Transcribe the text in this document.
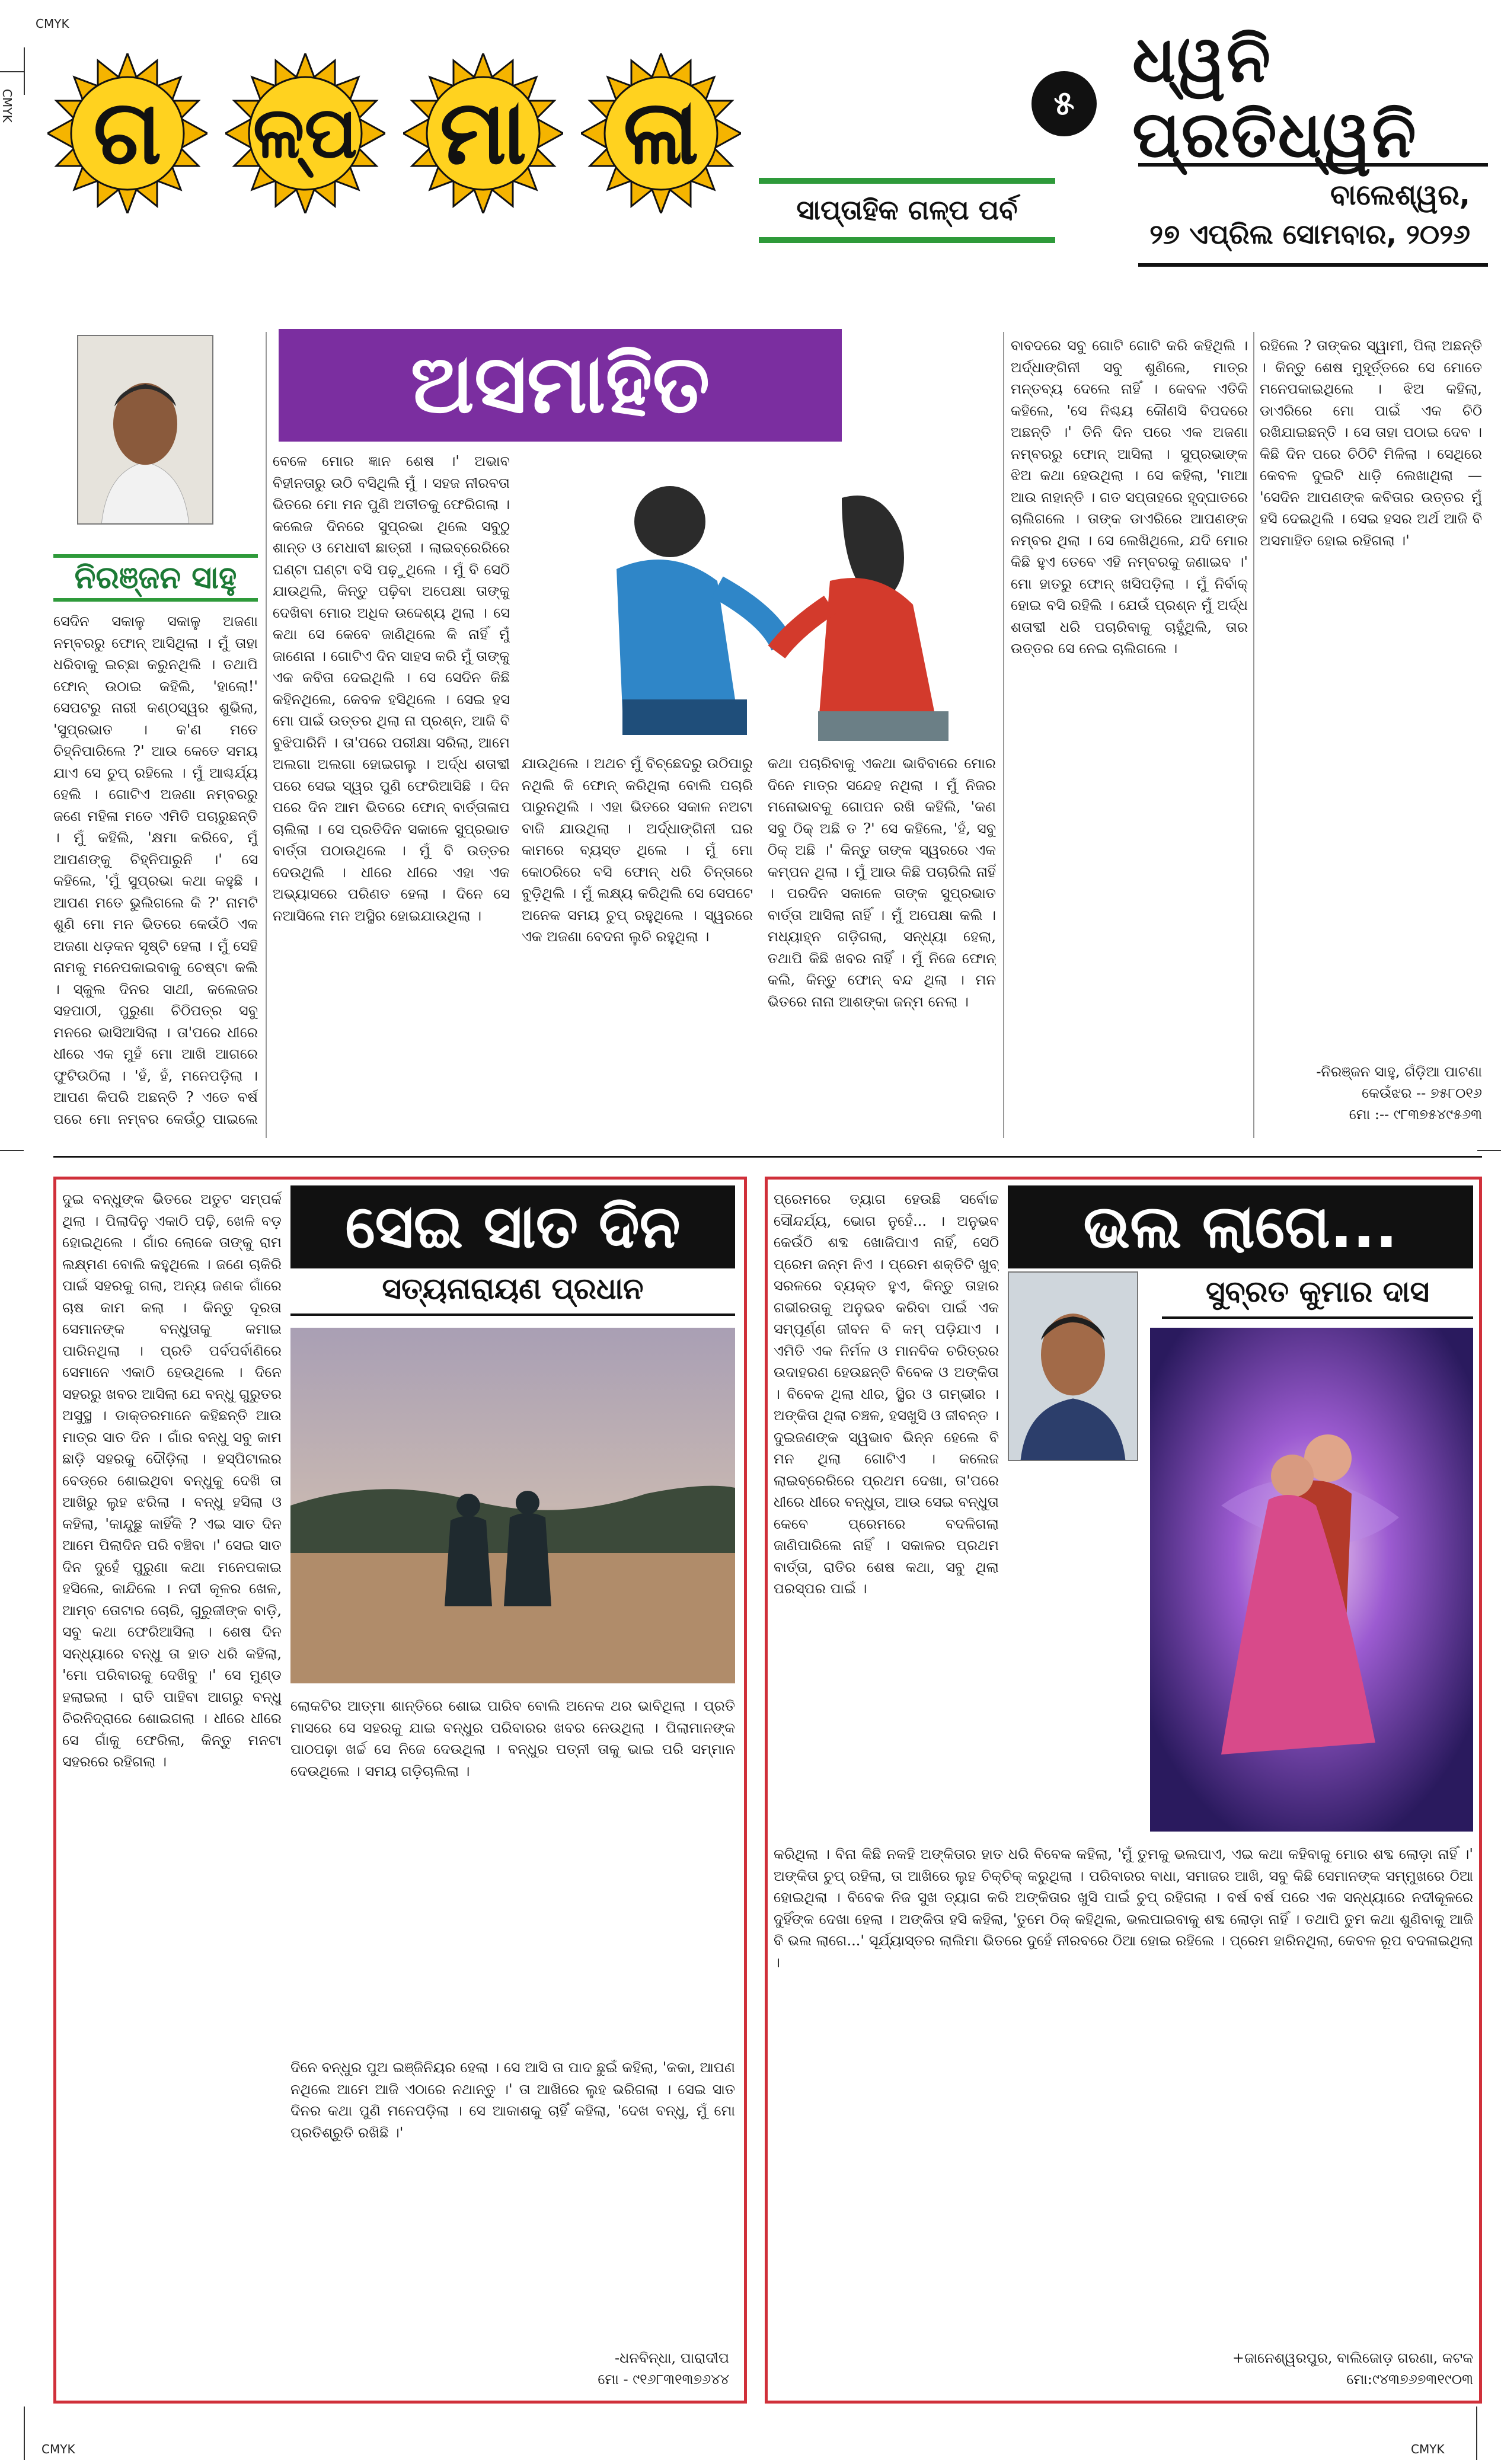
CMYK
CMYK
CMYK	CMYK
ଗ	ଳ୍ପ ମା	ଳା
ସାପ୍ତାହିକ ଗଳ୍ପ ପର୍ବ
୫
ଧ୍ୱନି ପ୍ରତିଧ୍ୱନି
ବାଲେଶ୍ୱର,
୨୭ ଏପ୍ରିଲ ସୋମବାର, ୨୦୨୬
ନିରଞ୍ଜନ ସାହୁ
ଅସମାହିତ
ସେଦିନ ସକାଳୁ ସକାଳୁ ଅଜଣା ନମ୍ବରରୁ ଫୋନ୍ ଆସିଥିଲା । ମୁଁ ତାହା ଧରିବାକୁ ଇଚ୍ଛା କରୁନଥିଲି । ତଥାପି ଫୋନ୍ ଉଠାଇ କହିଲି, 'ହାଲୋ!' ସେପଟରୁ ନାରୀ କଣ୍ଠସ୍ୱର ଶୁଭିଲା, 'ସୁପ୍ରଭାତ । କ'ଣ ମତେ ଚିହ୍ନିପାରିଲେ ?' ଆଉ କେତେ ସମୟ ଯାଏ ସେ ଚୁପ୍ ରହିଲେ । ମୁଁ ଆଶ୍ଚର୍ଯ୍ୟ ହେଲି । ଗୋଟିଏ ଅଜଣା ନମ୍ବରରୁ ଜଣେ ମହିଳା ମତେ ଏମିତି ପଚାରୁଛନ୍ତି । ମୁଁ କହିଲି, 'କ୍ଷମା କରିବେ, ମୁଁ ଆପଣଙ୍କୁ ଚିହ୍ନିପାରୁନି ।' ସେ କହିଲେ, 'ମୁଁ ସୁପ୍ରଭା କଥା କହୁଛି । ଆପଣ ମତେ ଭୁଲିଗଲେ କି ?' ନାମଟି ଶୁଣି ମୋ ମନ ଭିତରେ କେଉଁଠି ଏକ ଅଜଣା ଧଡ଼କନ ସୃଷ୍ଟି ହେଲା । ମୁଁ ସେହି ନାମକୁ ମନେପକାଇବାକୁ ଚେଷ୍ଟା କଲି । ସ୍କୁଲ ଦିନର ସାଥୀ, କଲେଜର ସହପାଠୀ, ପୁରୁଣା ଚିଠିପତ୍ର ସବୁ ମନରେ ଭାସିଆସିଲା । ତା'ପରେ ଧୀରେ ଧୀରେ ଏକ ମୁହଁ ମୋ ଆଖି ଆଗରେ ଫୁଟିଉଠିଲା । 'ହଁ, ହଁ, ମନେପଡ଼ିଲା । ଆପଣ କିପରି ଅଛନ୍ତି ? ଏତେ ବର୍ଷ ପରେ ମୋ ନମ୍ବର କେଉଁଠୁ ପାଇଲେ
ବେଳେ ମୋର ଜ୍ଞାନ ଶେଷ ।' ଅଭାବ ବିହୀନତାରୁ ଉଠି ବସିଥିଲି ମୁଁ । ସହଜ ନୀରବତା ଭିତରେ ମୋ ମନ ପୁଣି ଅତୀତକୁ ଫେରିଗଲା । କଲେଜ ଦିନରେ ସୁପ୍ରଭା ଥିଲେ ସବୁଠୁ ଶାନ୍ତ ଓ ମେଧାବୀ ଛାତ୍ରୀ । ଲାଇବ୍ରେରିରେ ଘଣ୍ଟା ଘଣ୍ଟା ବସି ପଢ଼ୁଥିଲେ । ମୁଁ ବି ସେଠି ଯାଉଥିଲି, କିନ୍ତୁ ପଢ଼ିବା ଅପେକ୍ଷା ତାଙ୍କୁ ଦେଖିବା ମୋର ଅଧିକ ଉଦ୍ଦେଶ୍ୟ ଥିଲା । ସେ କଥା ସେ କେବେ ଜାଣିଥିଲେ କି ନାହିଁ ମୁଁ ଜାଣେନା । ଗୋଟିଏ ଦିନ ସାହସ କରି ମୁଁ ତାଙ୍କୁ ଏକ କବିତା ଦେଇଥିଲି । ସେ ସେଦିନ କିଛି କହିନଥିଲେ, କେବଳ ହସିଥିଲେ । ସେଇ ହସ ମୋ ପାଇଁ ଉତ୍ତର ଥିଲା ନା ପ୍ରଶ୍ନ, ଆଜି ବି ବୁଝିପାରିନି । ତା'ପରେ ପରୀକ୍ଷା ସରିଲା, ଆମେ ଅଲଗା ଅଲଗା ହୋଇଗଲୁ । ଅର୍ଦ୍ଧ ଶତାବ୍ଦୀ ପରେ ସେଇ ସ୍ୱର ପୁଣି ଫେରିଆସିଛି । ଦିନ ପରେ ଦିନ ଆମ ଭିତରେ ଫୋନ୍ ବାର୍ତ୍ତାଳାପ ଚାଲିଲା । ସେ ପ୍ରତିଦିନ ସକାଳେ ସୁପ୍ରଭାତ ବାର୍ତ୍ତା ପଠାଉଥିଲେ । ମୁଁ ବି ଉତ୍ତର ଦେଉଥିଲି । ଧୀରେ ଧୀରେ ଏହା ଏକ ଅଭ୍ୟାସରେ ପରିଣତ ହେଲା । ଦିନେ ସେ ନଆସିଲେ ମନ ଅସ୍ଥିର ହୋଇଯାଉଥିଲା ।
ଯାଉଥିଲେ । ଅଥଚ ମୁଁ ବିଚ୍ଛେଦରୁ ଉଠିପାରୁ ନଥିଲି କି ଫୋନ୍ କରିଥିଲା ବୋଲି ପଚାରି ପାରୁନଥିଲି । ଏହା ଭିତରେ ସକାଳ ନଅଟା ବାଜି ଯାଉଥିଲା । ଅର୍ଦ୍ଧାଙ୍ଗିନୀ ଘର କାମରେ ବ୍ୟସ୍ତ ଥିଲେ । ମୁଁ ମୋ କୋଠରିରେ ବସି ଫୋନ୍ ଧରି ଚିନ୍ତାରେ ବୁଡ଼ିଥିଲି । ମୁଁ ଲକ୍ଷ୍ୟ କରିଥିଲି ସେ ସେପଟେ ଅନେକ ସମୟ ଚୁପ୍ ରହୁଥିଲେ । ସ୍ୱରରେ ଏକ ଅଜଣା ବେଦନା ଲୁଚି ରହୁଥିଲା ।
କଥା ପଚାରିବାକୁ ଏକଥା ଭାବିବାରେ ମୋର ଦିନେ ମାତ୍ର ସନ୍ଦେହ ନଥିଲା । ମୁଁ ନିଜର ମନୋଭାବକୁ ଗୋପନ ରଖି କହିଲି, 'କଣ ସବୁ ଠିକ୍ ଅଛି ତ ?' ସେ କହିଲେ, 'ହଁ, ସବୁ ଠିକ୍ ଅଛି ।' କିନ୍ତୁ ତାଙ୍କ ସ୍ୱରରେ ଏକ କମ୍ପନ ଥିଲା । ମୁଁ ଆଉ କିଛି ପଚାରିଲି ନାହିଁ । ପରଦିନ ସକାଳେ ତାଙ୍କ ସୁପ୍ରଭାତ ବାର୍ତ୍ତା ଆସିଲା ନାହିଁ । ମୁଁ ଅପେକ୍ଷା କଲି । ମଧ୍ୟାହ୍ନ ଗଡ଼ିଗଲା, ସନ୍ଧ୍ୟା ହେଲା, ତଥାପି କିଛି ଖବର ନାହିଁ । ମୁଁ ନିଜେ ଫୋନ୍ କଲି, କିନ୍ତୁ ଫୋନ୍ ବନ୍ଦ ଥିଲା । ମନ ଭିତରେ ନାନା ଆଶଙ୍କା ଜନ୍ମ ନେଲା ।
ବାବଦରେ ସବୁ ଗୋଟି ଗୋଟି କରି କହିଥିଲି । ଅର୍ଦ୍ଧାଙ୍ଗିନୀ ସବୁ ଶୁଣିଲେ, ମାତ୍ର ମନ୍ତବ୍ୟ ଦେଲେ ନାହିଁ । କେବଳ ଏତିକି କହିଲେ, 'ସେ ନିଶ୍ଚୟ କୌଣସି ବିପଦରେ ଅଛନ୍ତି ।' ତିନି ଦିନ ପରେ ଏକ ଅଜଣା ନମ୍ବରରୁ ଫୋନ୍ ଆସିଲା । ସୁପ୍ରଭାଙ୍କ ଝିଅ କଥା ହେଉଥିଲା । ସେ କହିଲା, 'ମାଆ ଆଉ ନାହାନ୍ତି । ଗତ ସପ୍ତାହରେ ହୃଦ୍‌ଘାତରେ ଚାଲିଗଲେ । ତାଙ୍କ ଡାଏରିରେ ଆପଣଙ୍କ ନମ୍ବର ଥିଲା । ସେ ଲେଖିଥିଲେ, ଯଦି ମୋର କିଛି ହୁଏ ତେବେ ଏହି ନମ୍ବରକୁ ଜଣାଇବ ।' ମୋ ହାତରୁ ଫୋନ୍ ଖସିପଡ଼ିଲା । ମୁଁ ନିର୍ବାକ୍ ହୋଇ ବସି ରହିଲି । ଯେଉଁ ପ୍ରଶ୍ନ ମୁଁ ଅର୍ଦ୍ଧ ଶତାବ୍ଦୀ ଧରି ପଚାରିବାକୁ ଚାହୁଁଥିଲି, ତାର ଉତ୍ତର ସେ ନେଇ ଚାଲିଗଲେ ।
ରହିଲେ ? ତାଙ୍କର ସ୍ୱାମୀ, ପିଲା ଅଛନ୍ତି । କିନ୍ତୁ ଶେଷ ମୁହୂର୍ତ୍ତରେ ସେ ମୋତେ ମନେପକାଇଥିଲେ । ଝିଅ କହିଲା, ଡାଏରିରେ ମୋ ପାଇଁ ଏକ ଚିଠି ରଖିଯାଇଛନ୍ତି । ସେ ତାହା ପଠାଇ ଦେବ । କିଛି ଦିନ ପରେ ଚିଠିଟି ମିଳିଲା । ସେଥିରେ କେବଳ ଦୁଇଟି ଧାଡ଼ି ଲେଖାଥିଲା — 'ସେଦିନ ଆପଣଙ୍କ କବିତାର ଉତ୍ତର ମୁଁ ହସି ଦେଇଥିଲି । ସେଇ ହସର ଅର୍ଥ ଆଜି ବି ଅସମାହିତ ହୋଇ ରହିଗଲା ।'
-ନିରଞ୍ଜନ ସାହୁ, ଗଁଡ଼ିଆ ପାଟଣା
କେଉଁଝର -- ୭୫୮୦୧୬
ମୋ :-- ୯୮୩୭୫୪୯୫୬୩
ସେଇ ସାତ ଦିନ
ସତ୍ୟନାରାୟଣ ପ୍ରଧାନ
ଦୁଇ ବନ୍ଧୁଙ୍କ ଭିତରେ ଅତୁଟ ସମ୍ପର୍କ ଥିଲା । ପିଲାଦିନୁ ଏକାଠି ପଢ଼ି, ଖେଳି ବଡ଼ ହୋଇଥିଲେ । ଗାଁର ଲୋକେ ତାଙ୍କୁ ରାମ ଲକ୍ଷ୍ମଣ ବୋଲି କହୁଥିଲେ । ଜଣେ ଚାକିରି ପାଇଁ ସହରକୁ ଗଲା, ଅନ୍ୟ ଜଣକ ଗାଁରେ ଚାଷ କାମ କଲା । କିନ୍ତୁ ଦୂରତା ସେମାନଙ୍କ ବନ୍ଧୁତାକୁ କମାଇ ପାରିନଥିଲା । ପ୍ରତି ପର୍ବପର୍ବାଣିରେ ସେମାନେ ଏକାଠି ହେଉଥିଲେ । ଦିନେ ସହରରୁ ଖବର ଆସିଲା ଯେ ବନ୍ଧୁ ଗୁରୁତର ଅସୁସ୍ଥ । ଡାକ୍ତରମାନେ କହିଛନ୍ତି ଆଉ ମାତ୍ର ସାତ ଦିନ । ଗାଁର ବନ୍ଧୁ ସବୁ କାମ ଛାଡ଼ି ସହରକୁ ଦୌଡ଼ିଲା । ହସ୍ପିଟାଲର ବେଡ୍‌ରେ ଶୋଇଥିବା ବନ୍ଧୁକୁ ଦେଖି ତା ଆଖିରୁ ଲୁହ ଝରିଲା । ବନ୍ଧୁ ହସିଲା ଓ କହିଲା, 'କାନ୍ଦୁଛୁ କାହିଁକି ? ଏଇ ସାତ ଦିନ ଆମେ ପିଲାଦିନ ପରି ବଞ୍ଚିବା ।' ସେଇ ସାତ ଦିନ ଦୁହେଁ ପୁରୁଣା କଥା ମନେପକାଇ ହସିଲେ, କାନ୍ଦିଲେ । ନଦୀ କୂଳର ଖେଳ, ଆମ୍ବ ତୋଟାର ଚୋରି, ଗୁରୁଜୀଙ୍କ ବାଡ଼ି, ସବୁ କଥା ଫେରିଆସିଲା । ଶେଷ ଦିନ ସନ୍ଧ୍ୟାରେ ବନ୍ଧୁ ତା ହାତ ଧରି କହିଲା, 'ମୋ ପରିବାରକୁ ଦେଖିବୁ ।' ସେ ମୁଣ୍ଡ ହଲାଇଲା । ରାତି ପାହିବା ଆଗରୁ ବନ୍ଧୁ ଚିରନିଦ୍ରାରେ ଶୋଇଗଲା । ଧୀରେ ଧୀରେ ସେ ଗାଁକୁ ଫେରିଲା, କିନ୍ତୁ ମନଟା ସହରରେ ରହିଗଲା ।
ଲୋକଟିର ଆତ୍ମା ଶାନ୍ତିରେ ଶୋଇ ପାରିବ ବୋଲି ଅନେକ ଥର ଭାବିଥିଲା । ପ୍ରତି ମାସରେ ସେ ସହରକୁ ଯାଇ ବନ୍ଧୁର ପରିବାରର ଖବର ନେଉଥିଲା । ପିଲାମାନଙ୍କ ପାଠପଢ଼ା ଖର୍ଚ୍ଚ ସେ ନିଜେ ଦେଉଥିଲା । ବନ୍ଧୁର ପତ୍ନୀ ତାକୁ ଭାଇ ପରି ସମ୍ମାନ ଦେଉଥିଲେ । ସମୟ ଗଡ଼ିଚାଲିଲା ।
ଦିନେ ବନ୍ଧୁର ପୁଅ ଇଞ୍ଜିନିୟର ହେଲା । ସେ ଆସି ତା ପାଦ ଛୁଇଁ କହିଲା, 'କକା, ଆପଣ ନଥିଲେ ଆମେ ଆଜି ଏଠାରେ ନଥାନ୍ତୁ ।' ତା ଆଖିରେ ଲୁହ ଭରିଗଲା । ସେଇ ସାତ ଦିନର କଥା ପୁଣି ମନେପଡ଼ିଲା । ସେ ଆକାଶକୁ ଚାହିଁ କହିଲା, 'ଦେଖ ବନ୍ଧୁ, ମୁଁ ମୋ ପ୍ରତିଶ୍ରୁତି ରଖିଛି ।'
-ଧନବିନ୍ଧା, ପାରାଦୀପ
ମୋ - ୯୧୬୮୩୧୩୭୬୪୪
ଭଲ ଲାଗେ...
ସୁବ୍ରତ କୁମାର ଦାସ
ପ୍ରେମରେ ତ୍ୟାଗ ହେଉଛି ସର୍ବୋଚ୍ଚ ସୌନ୍ଦର୍ଯ୍ୟ, ଭୋଗ ନୁହେଁ... । ଅନୁଭବ କେଉଁଠି ଶବ୍ଦ ଖୋଜିପାଏ ନାହିଁ, ସେଠି ପ୍ରେମ ଜନ୍ମ ନିଏ । ପ୍ରେମ ଶକ୍ତିଟି ଖୁବ୍ ସରଳରେ ବ୍ୟକ୍ତ ହୁଏ, କିନ୍ତୁ ତାହାର ଗଭୀରତାକୁ ଅନୁଭବ କରିବା ପାଇଁ ଏକ ସମ୍ପୂର୍ଣ୍ଣ ଜୀବନ ବି କମ୍ ପଡ଼ିଯାଏ । ଏମିତି ଏକ ନିର୍ମଳ ଓ ମାନବିକ ଚରିତ୍ରର ଉଦାହରଣ ହେଉଛନ୍ତି ବିବେକ ଓ ଅଙ୍କିତା । ବିବେକ ଥିଲା ଧୀର, ସ୍ଥିର ଓ ଗମ୍ଭୀର । ଅଙ୍କିତା ଥିଲା ଚଞ୍ଚଳ, ହସଖୁସି ଓ ଜୀବନ୍ତ । ଦୁଇଜଣଙ୍କ ସ୍ୱଭାବ ଭିନ୍ନ ହେଲେ ବି ମନ ଥିଲା ଗୋଟିଏ । କଲେଜ ଲାଇବ୍ରେରିରେ ପ୍ରଥମ ଦେଖା, ତା'ପରେ ଧୀରେ ଧୀରେ ବନ୍ଧୁତା, ଆଉ ସେଇ ବନ୍ଧୁତା କେବେ ପ୍ରେମରେ ବଦଳିଗଲା ଜାଣିପାରିଲେ ନାହିଁ । ସକାଳର ପ୍ରଥମ ବାର୍ତ୍ତା, ରାତିର ଶେଷ କଥା, ସବୁ ଥିଲା ପରସ୍ପର ପାଇଁ ।
କରିଥିଲା । ବିନା କିଛି ନକହି ଅଙ୍କିତାର ହାତ ଧରି ବିବେକ କହିଲା, 'ମୁଁ ତୁମକୁ ଭଲପାଏ, ଏଇ କଥା କହିବାକୁ ମୋର ଶବ୍ଦ ଲୋଡ଼ା ନାହିଁ ।' ଅଙ୍କିତା ଚୁପ୍ ରହିଲା, ତା ଆଖିରେ ଲୁହ ଚିକ୍‌ଚିକ୍ କରୁଥିଲା । ପରିବାରର ବାଧା, ସମାଜର ଆଖି, ସବୁ କିଛି ସେମାନଙ୍କ ସମ୍ମୁଖରେ ଠିଆ ହୋଇଥିଲା । ବିବେକ ନିଜ ସୁଖ ତ୍ୟାଗ କରି ଅଙ୍କିତାର ଖୁସି ପାଇଁ ଚୁପ୍ ରହିଗଲା । ବର୍ଷ ବର୍ଷ ପରେ ଏକ ସନ୍ଧ୍ୟାରେ ନଦୀକୂଳରେ ଦୁହିଁଙ୍କ ଦେଖା ହେଲା । ଅଙ୍କିତା ହସି କହିଲା, 'ତୁମେ ଠିକ୍ କହିଥିଲ, ଭଲପାଇବାକୁ ଶବ୍ଦ ଲୋଡ଼ା ନାହିଁ । ତଥାପି ତୁମ କଥା ଶୁଣିବାକୁ ଆଜି ବି ଭଲ ଲାଗେ...' ସୂର୍ଯ୍ୟାସ୍ତର ଲାଲିମା ଭିତରେ ଦୁହେଁ ନୀରବରେ ଠିଆ ହୋଇ ରହିଲେ । ପ୍ରେମ ହାରିନଥିଲା, କେବଳ ରୂପ ବଦଳାଇଥିଲା ।
+ଜାନେଶ୍ୱରପୁର, ବାଲିଜୋଡ଼ ଗରଣା, କଟକ
ମୋ:୯୪୩୭୬୭୩୧୯୦୩
